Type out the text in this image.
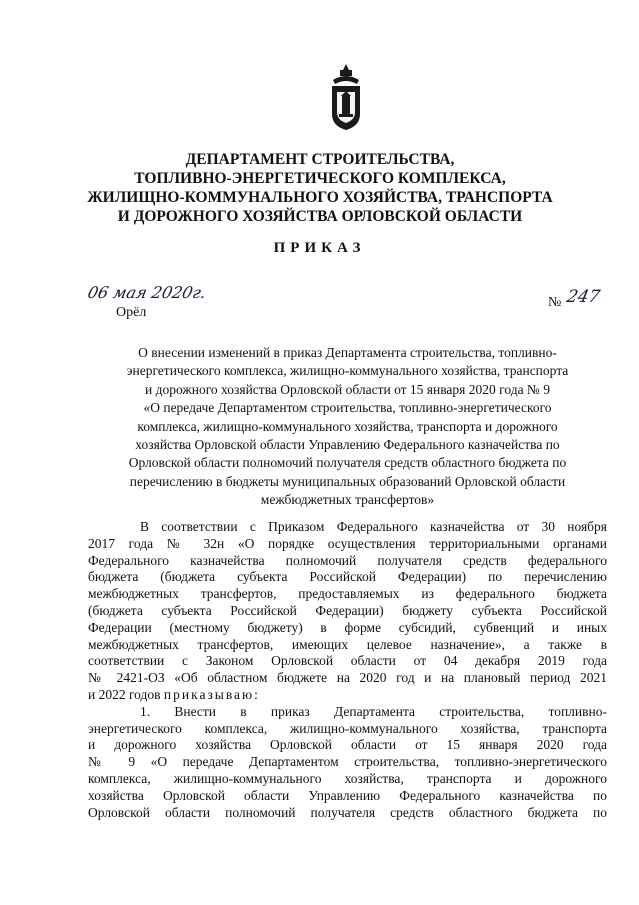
ДЕПАРТАМЕНТ СТРОИТЕЛЬСТВА,
ТОПЛИВНО-ЭНЕРГЕТИЧЕСКОГО КОМПЛЕКСА,
ЖИЛИЩНО-КОММУНАЛЬНОГО ХОЗЯЙСТВА, ТРАНСПОРТА
И ДОРОЖНОГО ХОЗЯЙСТВА ОРЛОВСКОЙ ОБЛАСТИ
ПРИКАЗ
06 мая 2020г.
Орёл
№ 247
О внесении изменений в приказ Департамента строительства, топливно-
энергетического комплекса, жилищно-коммунального хозяйства, транспорта
и дорожного хозяйства Орловской области от 15 января 2020 года № 9
«О передаче Департаментом строительства, топливно-энергетического
комплекса, жилищно-коммунального хозяйства, транспорта и дорожного
хозяйства Орловской области Управлению Федерального казначейства по
Орловской области полномочий получателя средств областного бюджета по
перечислению в бюджеты муниципальных образований Орловской области
межбюджетных трансфертов»
В соответствии с Приказом Федерального казначейства от 30 ноября
2017 года № 32н «О порядке осуществления территориальными органами
Федерального казначейства полномочий получателя средств федерального
бюджета (бюджета субъекта Российской Федерации) по перечислению
межбюджетных трансфертов, предоставляемых из федерального бюджета
(бюджета субъекта Российской Федерации) бюджету субъекта Российской
Федерации (местному бюджету) в форме субсидий, субвенций и иных
межбюджетных трансфертов, имеющих целевое назначение», а также в
соответствии с Законом Орловской области от 04 декабря 2019 года
№ 2421-ОЗ «Об областном бюджете на 2020 год и на плановый период 2021
и 2022 годов приказываю:
1. Внести в приказ Департамента строительства, топливно-
энергетического комплекса, жилищно-коммунального хозяйства, транспорта
и дорожного хозяйства Орловской области от 15 января 2020 года
№ 9 «О передаче Департаментом строительства, топливно-энергетического
комплекса, жилищно-коммунального хозяйства, транспорта и дорожного
хозяйства Орловской области Управлению Федерального казначейства по
Орловской области полномочий получателя средств областного бюджета по
